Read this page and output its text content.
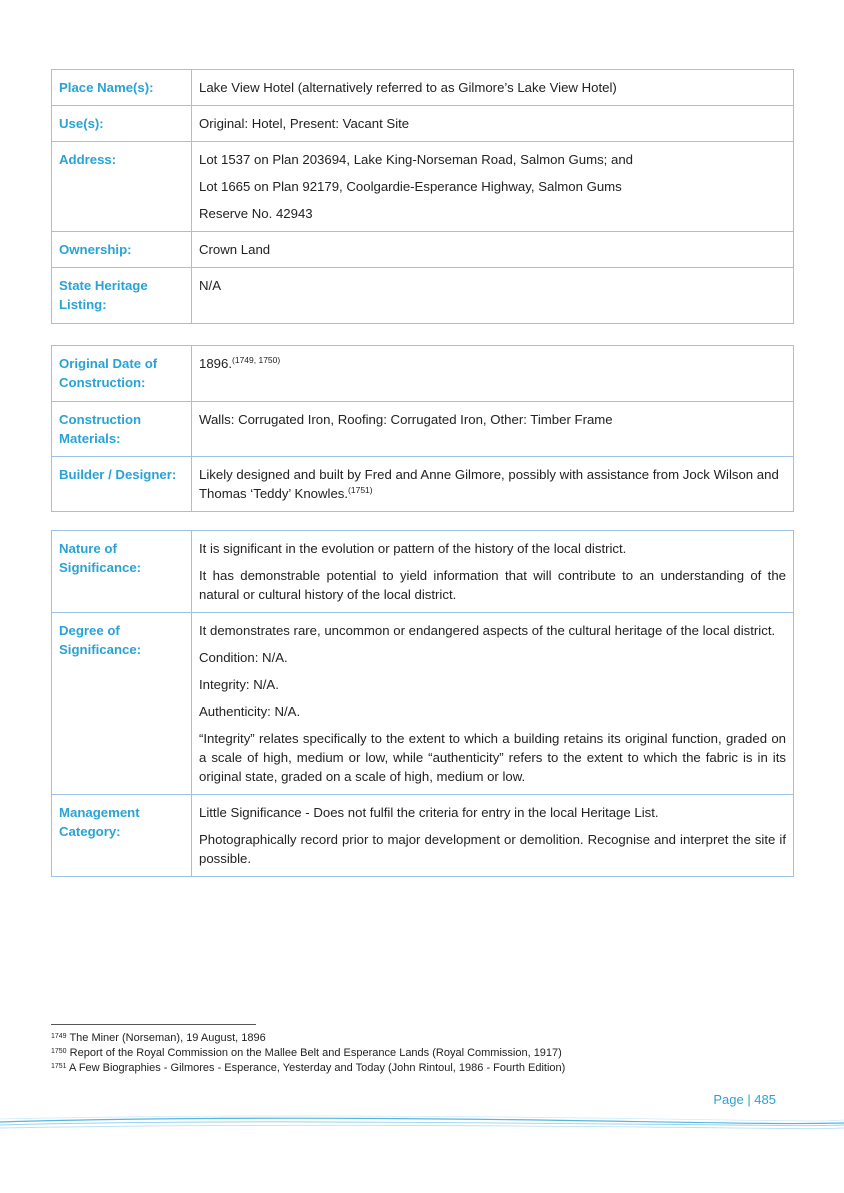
Place Name(s):	Lake View Hotel (alternatively referred to as Gilmore’s Lake View Hotel)
Use(s):	Original: Hotel, Present: Vacant Site
Address:	Lot 1537 on Plan 203694, Lake King-Norseman Road, Salmon Gums; and

Lot 1665 on Plan 92179, Coolgardie-Esperance Highway, Salmon Gums

Reserve No. 42943

Ownership:	Crown Land
State Heritage Listing:	N/A
Original Date of Construction:	1896.$^{(1749, 1750)}$
Construction Materials:	Walls: Corrugated Iron, Roofing: Corrugated Iron, Other: Timber Frame
Builder / Designer:	Likely designed and built by Fred and Anne Gilmore, possibly with assistance from Jock Wilson and Thomas ‘Teddy’ Knowles.$^{(1751)}$
Nature of Significance:	It is significant in the evolution or pattern of the history of the local district.

It has demonstrable potential to yield information that will contribute to an understanding of the natural or cultural history of the local district.

Degree of Significance:	It demonstrates rare, uncommon or endangered aspects of the cultural heritage of the local district.

Condition: N/A.

Integrity: N/A.

Authenticity: N/A.

“Integrity” relates specifically to the extent to which a building retains its original function, graded on a scale of high, medium or low, while “authenticity” refers to the extent to which the fabric is in its original state, graded on a scale of high, medium or low.

Management Category:	Little Significance - Does not fulfil the criteria for entry in the local Heritage List.

Photographically record prior to major development or demolition. Recognise and interpret the site if possible.

$^{1749}$ The Miner (Norseman), 19 August, 1896
$^{1750}$ Report of the Royal Commission on the Mallee Belt and Esperance Lands (Royal Commission, 1917)
$^{1751}$ A Few Biographies - Gilmores - Esperance, Yesterday and Today (John Rintoul, 1986 - Fourth Edition)
Page | 485
